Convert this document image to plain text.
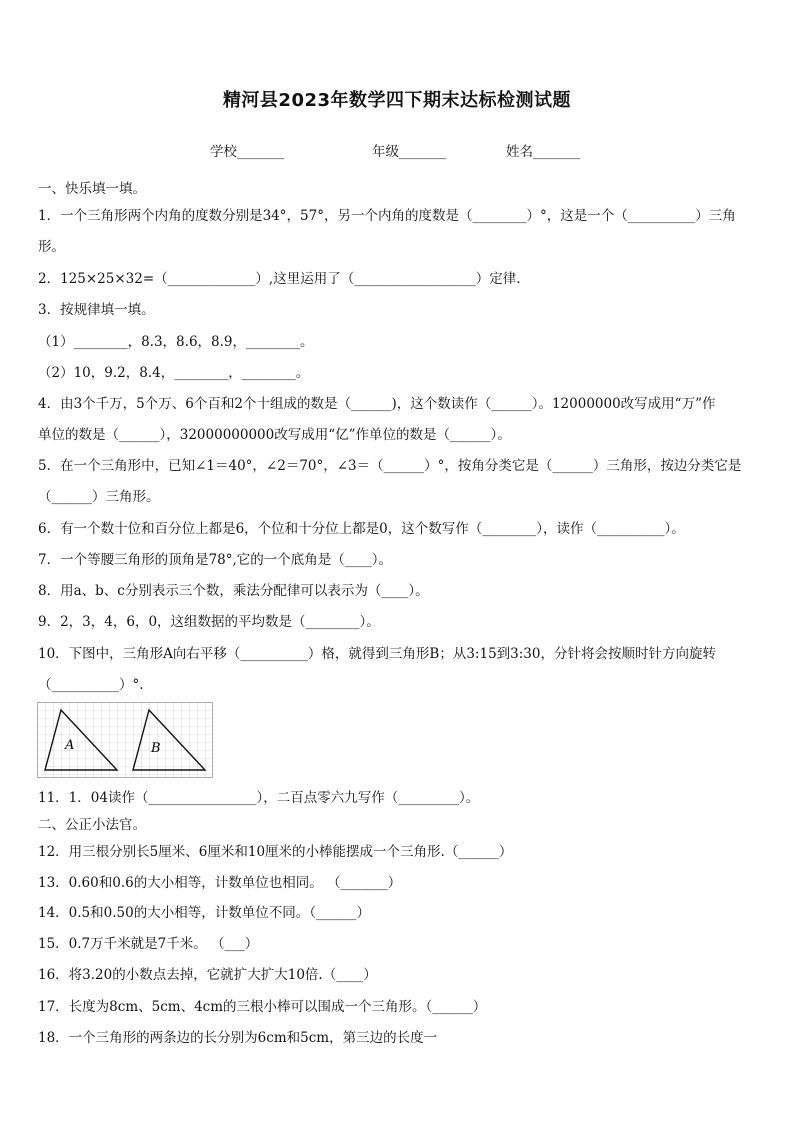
精河县2023年数学四下期末达标检测试题
学校_______	年级_______	姓名_______
一、快乐填一填。
1．一个三角形两个内角的度数分别是34°，57°，另一个内角的度数是（________）°，这是一个（__________）三角
形。
2．125×25×32=（_____________）,这里运用了（__________________）定律.
3．按规律填一填。
（1）________，8.3，8.6，8.9，________。
（2）10，9.2，8.4，________，________。
4．由3个千万，5个万、6个百和2个十组成的数是（______)，这个数读作（______）。12000000改写成用“万”作
单位的数是（______），32000000000改写成用“亿”作单位的数是（______）。
5．在一个三角形中，已知∠1＝40°，∠2＝70°，∠3＝（______）°，按角分类它是（______）三角形，按边分类它是
（______）三角形。
6．有一个数十位和百分位上都是6，个位和十分位上都是0，这个数写作（________），读作（__________）。
7．一个等腰三角形的顶角是78°,它的一个底角是（____）。
8．用a、b、c分别表示三个数，乘法分配律可以表示为（____）。
9．2，3，4，6，0，这组数据的平均数是（________）。
10．下图中，三角形A向右平移（__________）格，就得到三角形B；从3:15到3:30，分针将会按顺时针方向旋转
（__________）°.
A	B
11．1．04读作（________________），二百点零六九写作（_________）。
二、公正小法官。
12．用三根分别长5厘米、6厘米和10厘米的小棒能摆成一个三角形.（______）
13．0.60和0.6的大小相等，计数单位也相同。 （_______）
14．0.5和0.50的大小相等，计数单位不同。（______）
15．0.7万千米就是7千米。 （___）
16．将3.20的小数点去掉，它就扩大扩大10倍.（____）
17．长度为8cm、5cm、4cm的三根小棒可以围成一个三角形。（______）
18．一个三角形的两条边的长分别为6cm和5cm，第三边的长度一
